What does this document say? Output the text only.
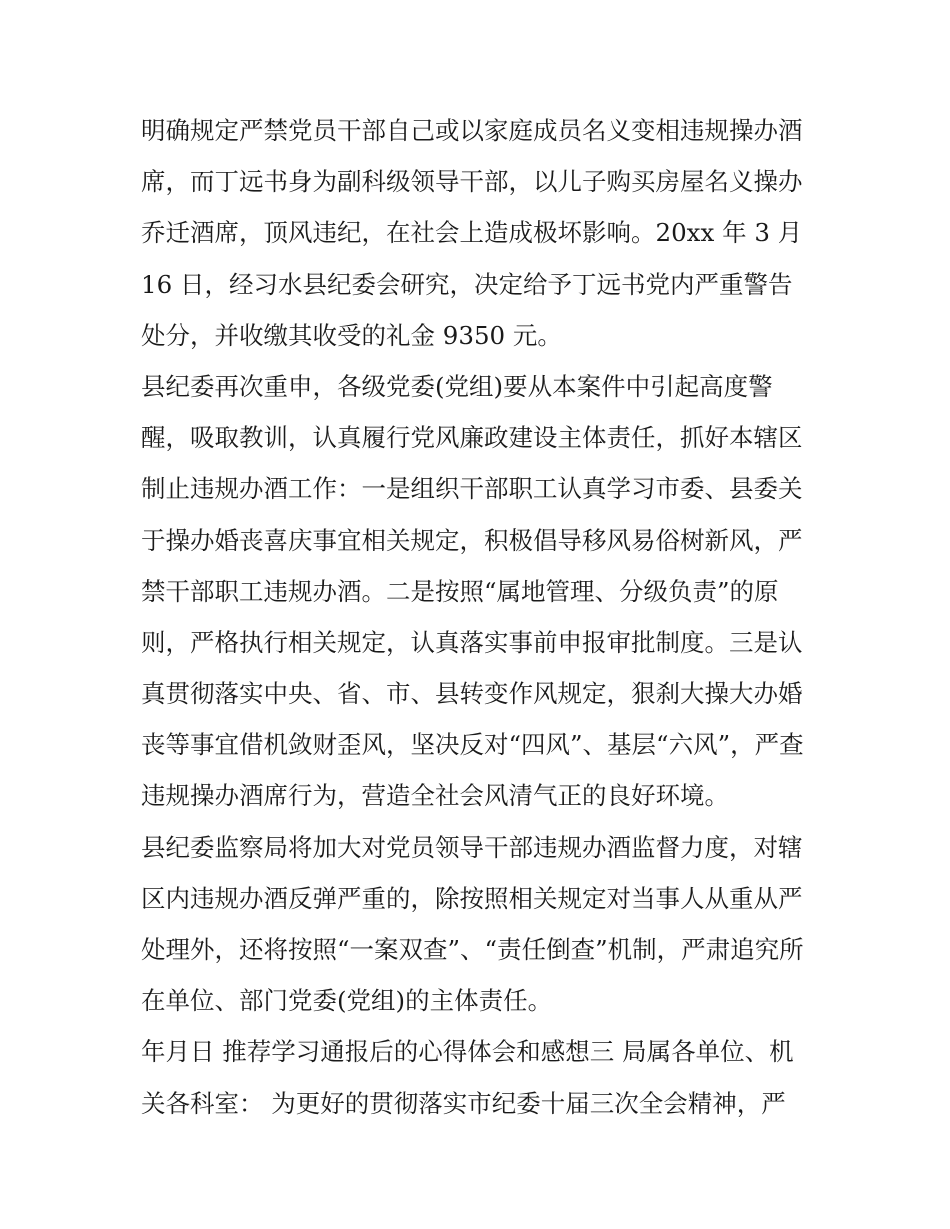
明确规定严禁党员干部自己或以家庭成员名义变相违规操办酒
席，而丁远书身为副科级领导干部，以儿子购买房屋名义操办
乔迁酒席，顶风违纪，在社会上造成极坏影响。20xx 年 3 月
16 日，经习水县纪委会研究，决定给予丁远书党内严重警告
处分，并收缴其收受的礼金 9350 元。
县纪委再次重申，各级党委(党组)要从本案件中引起高度警
醒，吸取教训，认真履行党风廉政建设主体责任，抓好本辖区
制止违规办酒工作：一是组织干部职工认真学习市委、县委关
于操办婚丧喜庆事宜相关规定，积极倡导移风易俗树新风，严
禁干部职工违规办酒。二是按照“属地管理、分级负责”的原
则，严格执行相关规定，认真落实事前申报审批制度。三是认
真贯彻落实中央、省、市、县转变作风规定，狠刹大操大办婚
丧等事宜借机敛财歪风，坚决反对“四风”、基层“六风”，严查
违规操办酒席行为，营造全社会风清气正的良好环境。
县纪委监察局将加大对党员领导干部违规办酒监督力度，对辖
区内违规办酒反弹严重的，除按照相关规定对当事人从重从严
处理外，还将按照“一案双查”、“责任倒查”机制，严肃追究所
在单位、部门党委(党组)的主体责任。
年月日 推荐学习通报后的心得体会和感想三 局属各单位、机
关各科室： 为更好的贯彻落实市纪委十届三次全会精神，严
